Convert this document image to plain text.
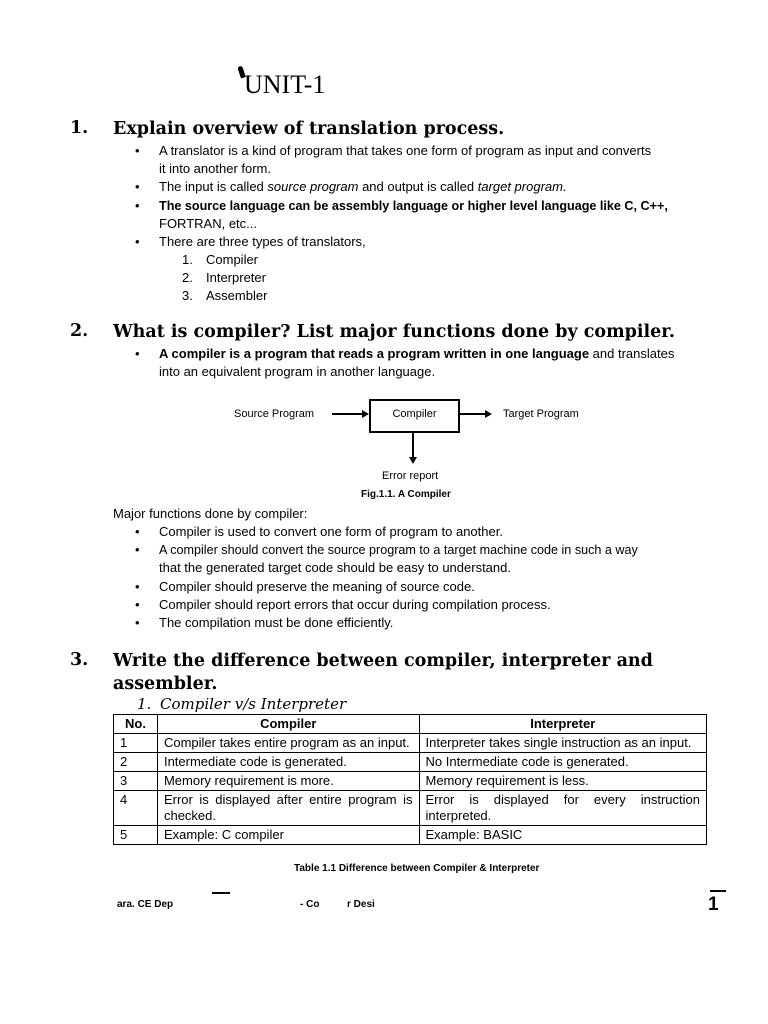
UNIT-1
1. Explain overview of translation process.
• A translator is a kind of program that takes one form of program as input and converts
it into another form.
• The input is called source program and output is called target program.
• The source language can be assembly language or higher level language like C, C++,
FORTRAN, etc...
• There are three types of translators,
1. Compiler
2. Interpreter
3. Assembler
2. What is compiler? List major functions done by compiler.
• A compiler is a program that reads a program written in one language and translates
into an equivalent program in another language.
Source Program	Compiler	Target Program
Error report
Fig.1.1. A Compiler
Major functions done by compiler:
• Compiler is used to convert one form of program to another.
• A compiler should convert the source program to a target machine code in such a way
that the generated target code should be easy to understand.
• Compiler should preserve the meaning of source code.
• Compiler should report errors that occur during compilation process.
• The compilation must be done efficiently.
3. Write the difference between compiler, interpreter and
assembler.
1. Compiler v/s Interpreter
No.	Compiler	Interpreter
1	Compiler takes entire program as an input.	Interpreter takes single instruction as an input.
2	Intermediate code is generated.	No Intermediate code is generated.
3	Memory requirement is more.	Memory requirement is less.
4	Error is displayed after entire program is checked.	Error is displayed for every instruction interpreted.
5	Example: C compiler	Example: BASIC
Table 1.1 Difference between Compiler & Interpreter
ara. CE Dep	- Co	r Desi	1
